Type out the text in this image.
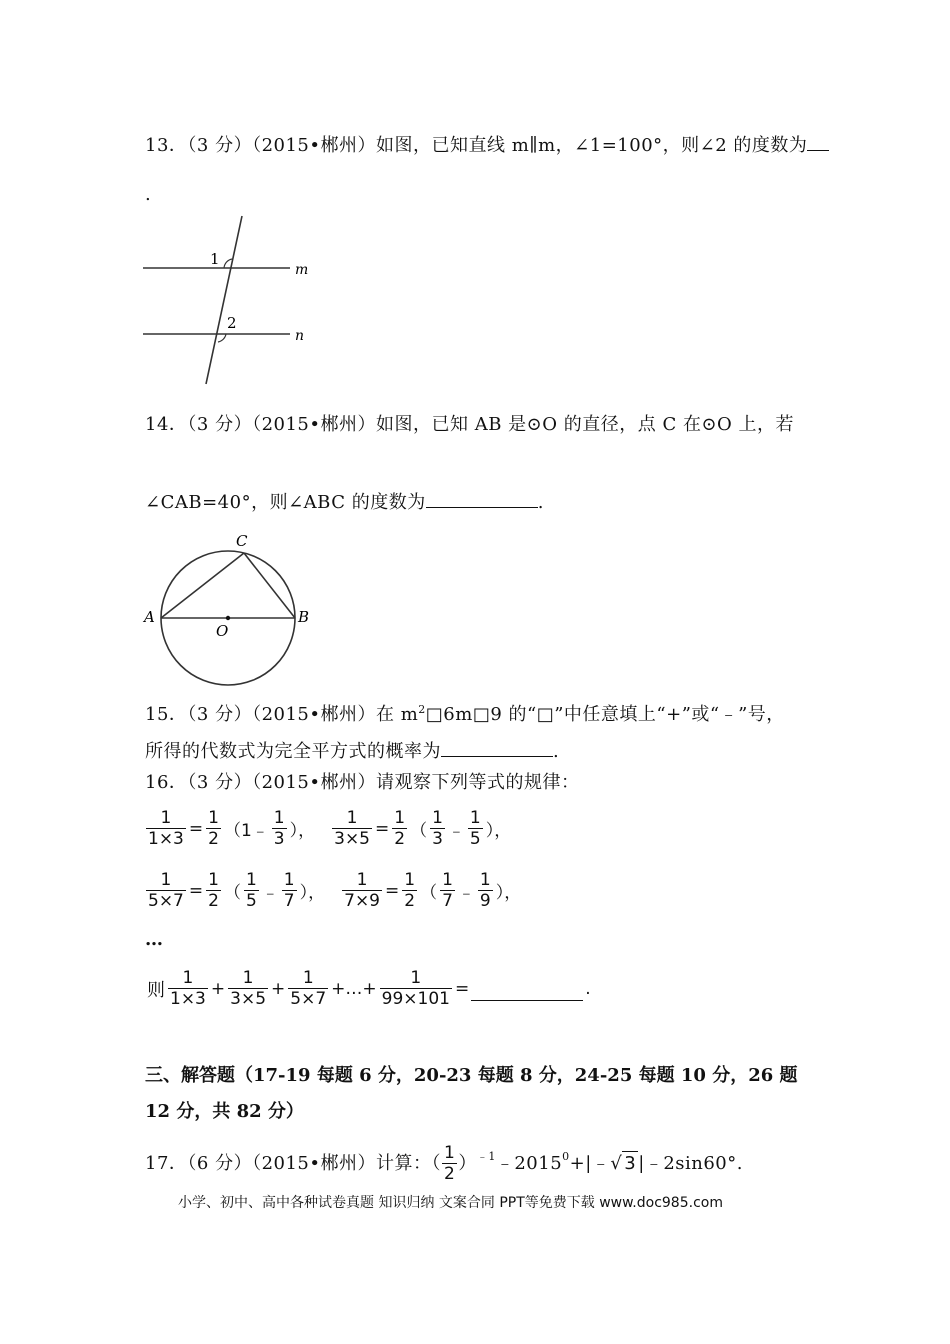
13．（3 分）（2015•郴州）如图，已知直线 m∥m，∠1=100°，则∠2 的度数为
.
1
2
m
n
14．（3 分）（2015•郴州）如图，已知 AB 是⊙O 的直径，点 C 在⊙O 上，若
∠CAB=40°，则∠ABC 的度数为	.
A	B
C
O
15．（3 分）（2015•郴州）在 $m^2□6m□9$ 的“□”中任意填上“+”或“﹣”号，
所得的代数式为完全平方式的概率为	.
16．（3 分）（2015•郴州）请观察下列等式的规律：
$\frac{1}{1\times 3} = \frac{1}{2}$ （1﹣ $\frac{1}{3}$ ）， $\frac{1}{3\times 5} = \frac{1}{2}$ （ $\frac{1}{3}$ ﹣ $\frac{1}{5}$ ），
$\frac{1}{5\times 7} = \frac{1}{2}$ （ $\frac{1}{5}$ ﹣ $\frac{1}{7}$ ）， $\frac{1}{7\times 9} = \frac{1}{2}$ （ $\frac{1}{7}$ ﹣ $\frac{1}{9}$ ），
…
则 $\frac{1}{1\times 3} + \frac{1}{3\times 5} + \frac{1}{5\times 7}$ +…+ $\frac{1}{99\times 101}$ =	.
三、解答题（17-19 每题 6 分，20-23 每题 8 分，24-25 每题 10 分，26 题 12 分，共 82 分）
17．（6 分）（2015•郴州）计算：（ $\frac{1}{2} )^{﹣1}$ $﹣2015^0$ +|﹣ √ 3 |﹣2sin60°.
小学、初中、高中各种试卷真题 知识归纳 文案合同 PPT等免费下载 www.doc985.com
